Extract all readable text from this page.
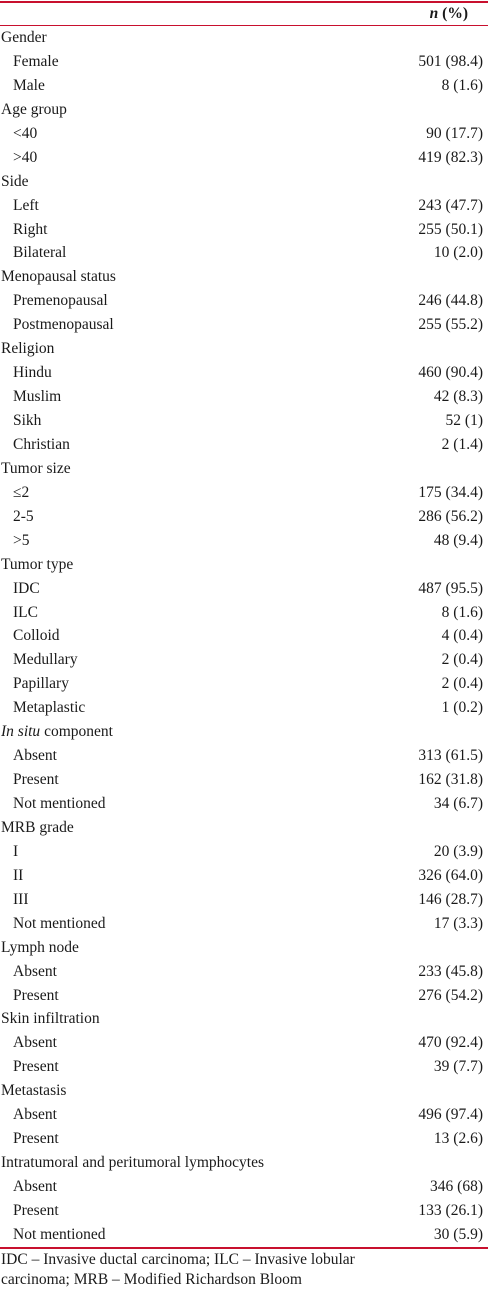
n (%)
Gender
Female	501 (98.4)
Male	8 (1.6)
Age group
<40	90 (17.7)
>40	419 (82.3)
Side
Left	243 (47.7)
Right	255 (50.1)
Bilateral	10 (2.0)
Menopausal status
Premenopausal	246 (44.8)
Postmenopausal	255 (55.2)
Religion
Hindu	460 (90.4)
Muslim	42 (8.3)
Sikh	52 (1)
Christian	2 (1.4)
Tumor size
≤2	175 (34.4)
2-5	286 (56.2)
>5	48 (9.4)
Tumor type
IDC	487 (95.5)
ILC	8 (1.6)
Colloid	4 (0.4)
Medullary	2 (0.4)
Papillary	2 (0.4)
Metaplastic	1 (0.2)
In situ component
Absent	313 (61.5)
Present	162 (31.8)
Not mentioned	34 (6.7)
MRB grade
I	20 (3.9)
II	326 (64.0)
III	146 (28.7)
Not mentioned	17 (3.3)
Lymph node
Absent	233 (45.8)
Present	276 (54.2)
Skin infiltration
Absent	470 (92.4)
Present	39 (7.7)
Metastasis
Absent	496 (97.4)
Present	13 (2.6)
Intratumoral and peritumoral lymphocytes
Absent	346 (68)
Present	133 (26.1)
Not mentioned	30 (5.9)
IDC – Invasive ductal carcinoma; ILC – Invasive lobular
carcinoma; MRB – Modified Richardson Bloom
